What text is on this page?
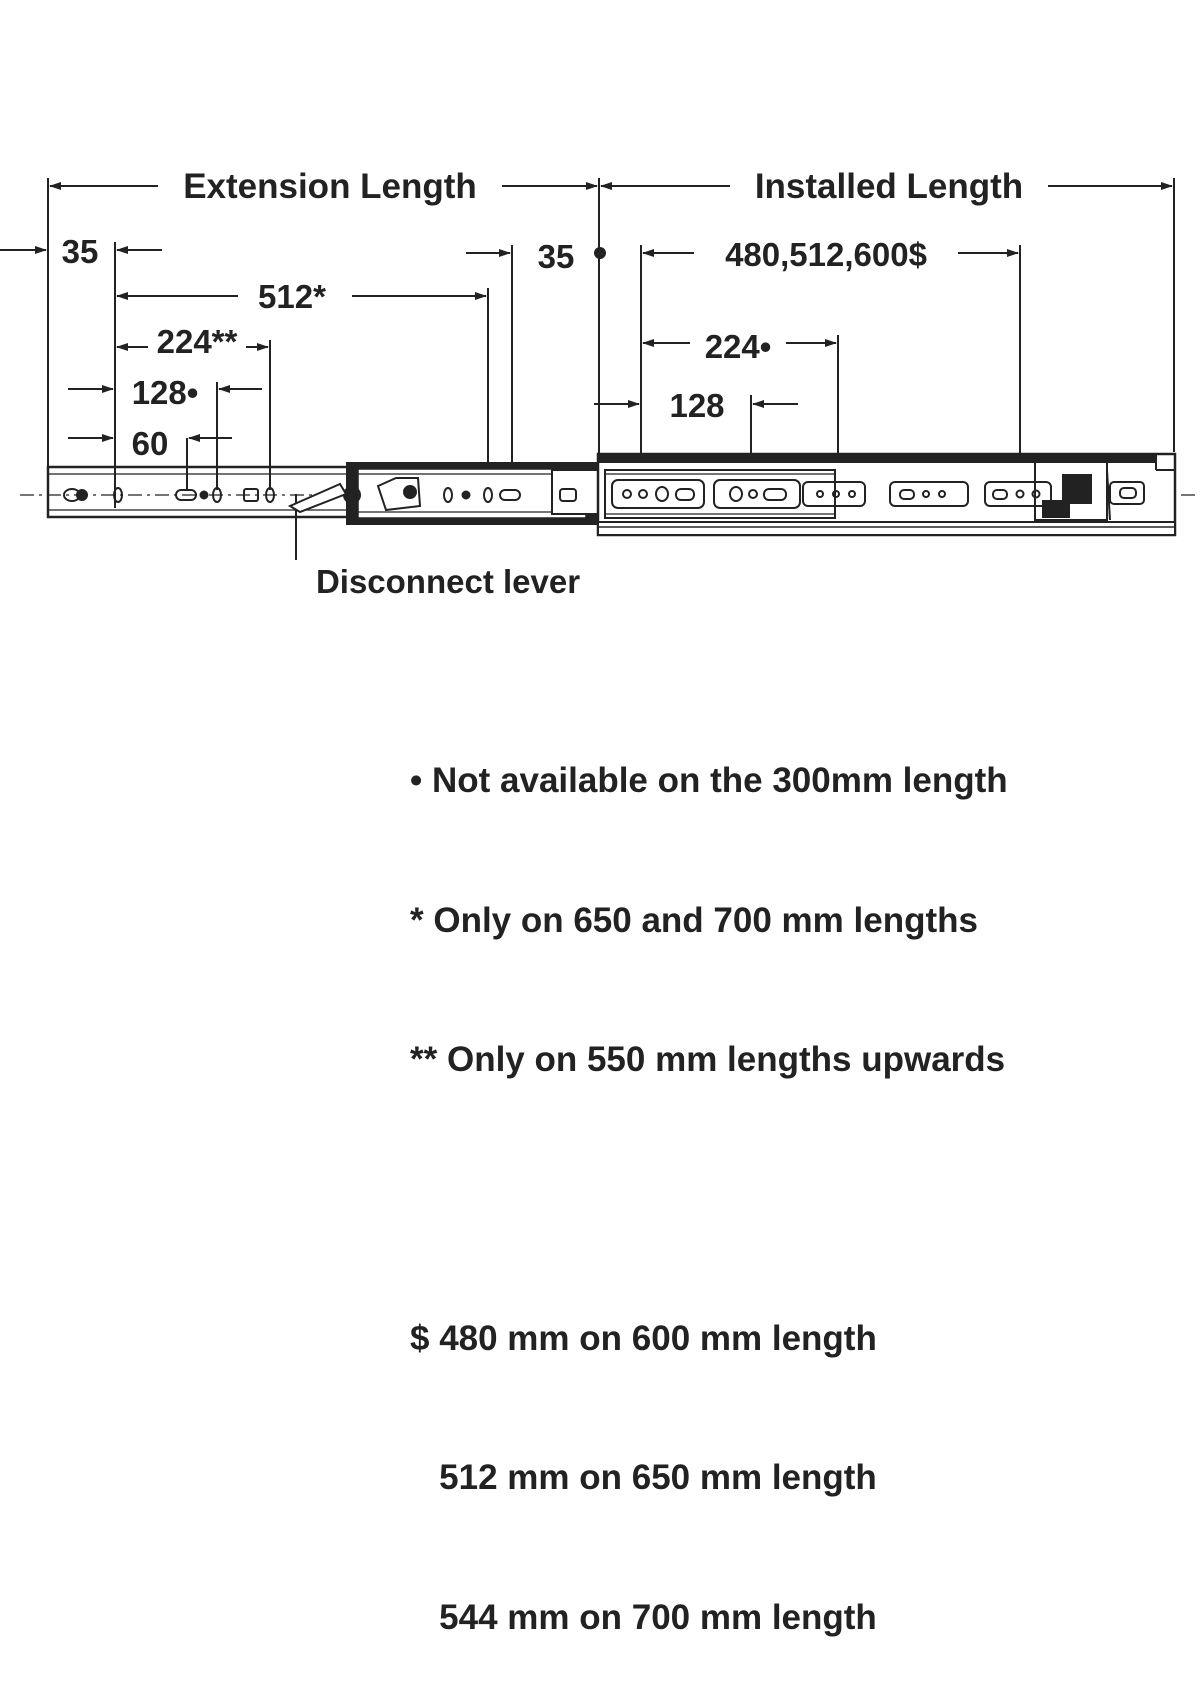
Extension Length	Installed Length
35	35
512*
224**
128•
60
480,512,600$
224•
128
Disconnect lever

• Not available on the 300mm length

* Only on 650 and 700 mm lengths

** Only on 550 mm lengths upwards

$ 480 mm on 600 mm length

512 mm on 650 mm length

544 mm on 700 mm length
